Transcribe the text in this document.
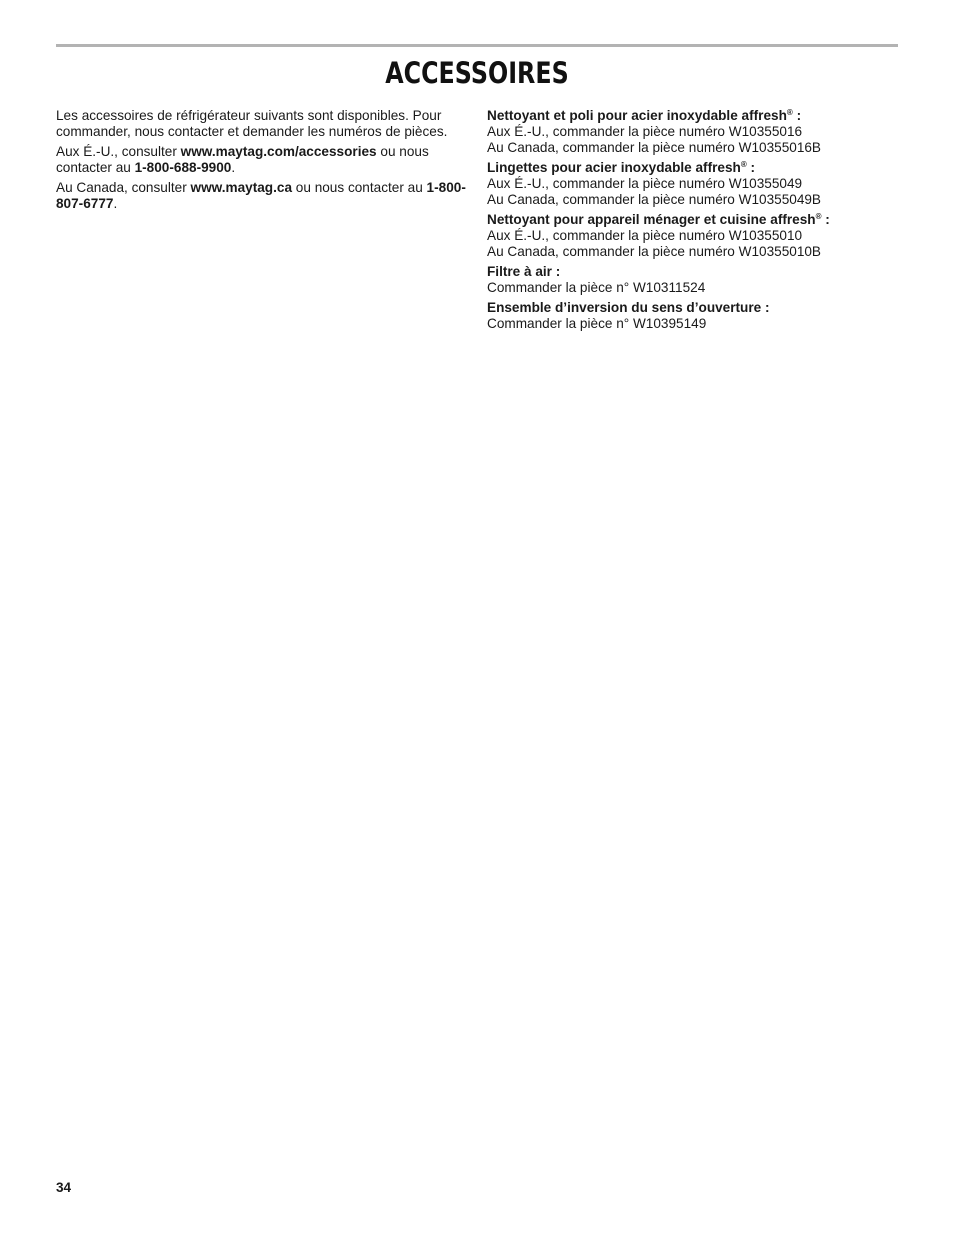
ACCESSOIRES

Les accessoires de réfrigérateur suivants sont disponibles. Pour commander, nous contacter et demander les numéros de pièces.

Aux É.-U., consulter www.maytag.com/accessories ou nous contacter au 1-800-688-9900.

Au Canada, consulter www.maytag.ca ou nous contacter au 1-800-807-6777.

Nettoyant et poli pour acier inoxydable affresh® :
Aux É.-U., commander la pièce numéro W10355016
Au Canada, commander la pièce numéro W10355016B
Lingettes pour acier inoxydable affresh® :
Aux É.-U., commander la pièce numéro W10355049
Au Canada, commander la pièce numéro W10355049B
Nettoyant pour appareil ménager et cuisine affresh® :
Aux É.-U., commander la pièce numéro W10355010
Au Canada, commander la pièce numéro W10355010B
Filtre à air :
Commander la pièce n° W10311524
Ensemble d’inversion du sens d’ouverture :
Commander la pièce n° W10395149
34
